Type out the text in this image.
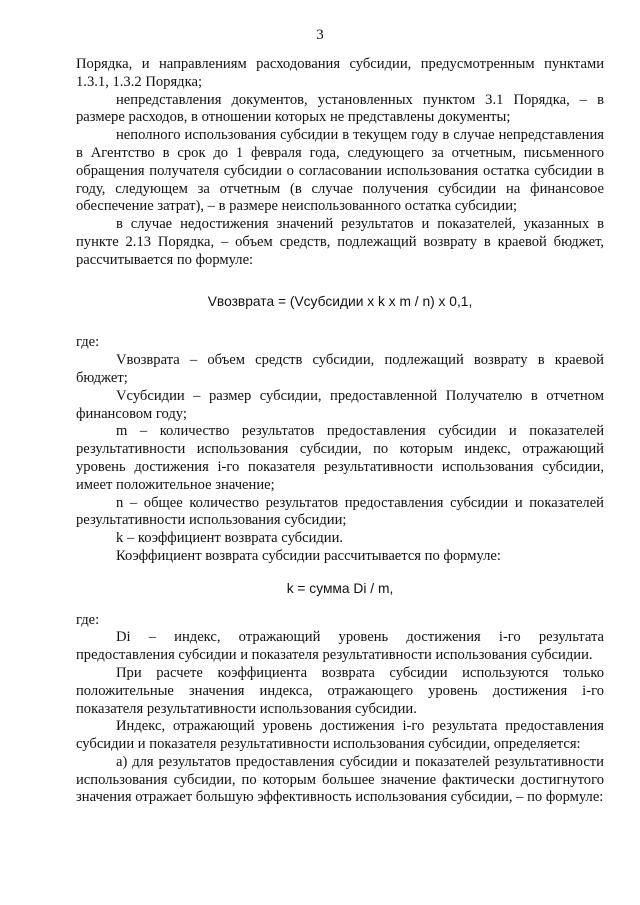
3

Порядка, и направлениям расходования субсидии, предусмотренным пунктами 1.3.1, 1.3.2 Порядка;

непредставления документов, установленных пунктом 3.1 Порядка, – в размере расходов, в отношении которых не представлены документы;

неполного использования субсидии в текущем году в случае непредставления в Агентство в срок до 1 февраля года, следующего за отчетным, письменного обращения получателя субсидии о согласовании использования остатка субсидии в году, следующем за отчетным (в случае получения субсидии на финансовое обеспечение затрат), – в размере неиспользованного остатка субсидии;

в случае недостижения значений результатов и показателей, указанных в пункте 2.13 Порядка, – объем средств, подлежащий возврату в краевой бюджет, рассчитывается по формуле:

Vвозврата = (Vсубсидии x k x m / n) x 0,1,

где:

Vвозврата – объем средств субсидии, подлежащий возврату в краевой бюджет;

Vсубсидии – размер субсидии, предоставленной Получателю в отчетном финансовом году;

m – количество результатов предоставления субсидии и показателей результативности использования субсидии, по которым индекс, отражающий уровень достижения i-го показателя результативности использования субсидии, имеет положительное значение;

n – общее количество результатов предоставления субсидии и показателей результативности использования субсидии;

k – коэффициент возврата субсидии.

Коэффициент возврата субсидии рассчитывается по формуле:

k = сумма Di / m,

где:

Di – индекс, отражающий уровень достижения i-го результата предоставления субсидии и показателя результативности использования субсидии.

При расчете коэффициента возврата субсидии используются только положительные значения индекса, отражающего уровень достижения i-го показателя результативности использования субсидии.

Индекс, отражающий уровень достижения i-го результата предоставления субсидии и показателя результативности использования субсидии, определяется:

а) для результатов предоставления субсидии и показателей результативности использования субсидии, по которым большее значение фактически достигнутого значения отражает большую эффективность использования субсидии, – по формуле:
